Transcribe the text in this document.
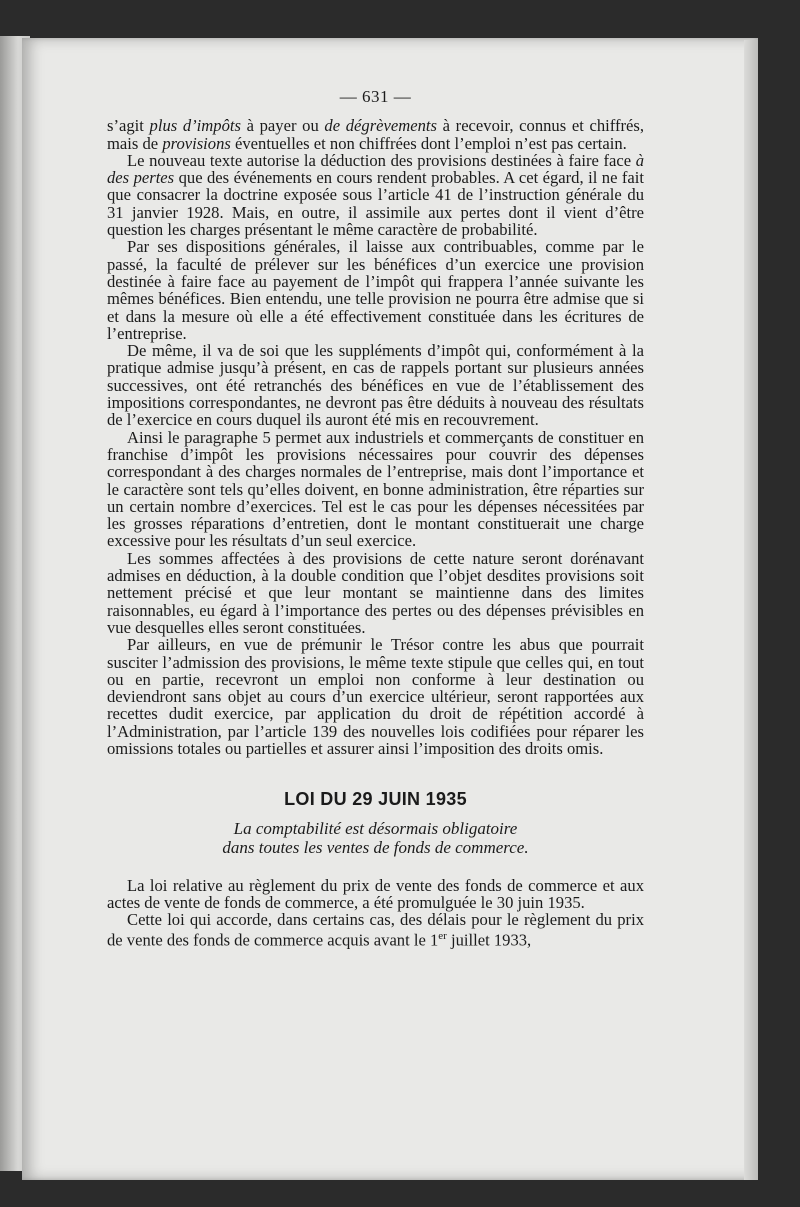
— 631 —

s’agit plus d’impôts à payer ou de dégrèvements à recevoir, connus et chiffrés, mais de provisions éventuelles et non chiffrées dont l’emploi n’est pas certain.

Le nouveau texte autorise la déduction des provisions destinées à faire face à des pertes que des événements en cours rendent probables. A cet égard, il ne fait que consacrer la doctrine exposée sous l’article 41 de l’instruction générale du 31 janvier 1928. Mais, en outre, il assimile aux pertes dont il vient d’être question les charges présentant le même caractère de probabilité.

Par ses dispositions générales, il laisse aux contribuables, comme par le passé, la faculté de prélever sur les bénéfices d’un exercice une provision destinée à faire face au payement de l’impôt qui frappera l’année suivante les mêmes bénéfices. Bien entendu, une telle provision ne pourra être admise que si et dans la mesure où elle a été effectivement constituée dans les écritures de l’entreprise.

De même, il va de soi que les suppléments d’impôt qui, conformément à la pratique admise jusqu’à présent, en cas de rappels portant sur plusieurs années successives, ont été retranchés des bénéfices en vue de l’établissement des impositions correspondantes, ne devront pas être déduits à nouveau des résultats de l’exercice en cours duquel ils auront été mis en recouvrement.

Ainsi le paragraphe 5 permet aux industriels et commerçants de constituer en franchise d’impôt les provisions nécessaires pour couvrir des dépenses correspondant à des charges normales de l’entreprise, mais dont l’importance et le caractère sont tels qu’elles doivent, en bonne administration, être réparties sur un certain nombre d’exercices. Tel est le cas pour les dépenses nécessitées par les grosses réparations d’entretien, dont le montant constituerait une charge excessive pour les résultats d’un seul exercice.

Les sommes affectées à des provisions de cette nature seront dorénavant admises en déduction, à la double condition que l’objet desdites provisions soit nettement précisé et que leur montant se maintienne dans des limites raisonnables, eu égard à l’importance des pertes ou des dépenses prévisibles en vue desquelles elles seront constituées.

Par ailleurs, en vue de prémunir le Trésor contre les abus que pourrait susciter l’admission des provisions, le même texte stipule que celles qui, en tout ou en partie, recevront un emploi non conforme à leur destination ou deviendront sans objet au cours d’un exercice ultérieur, seront rapportées aux recettes dudit exercice, par application du droit de répétition accordé à l’Administration, par l’article 139 des nouvelles lois codifiées pour réparer les omissions totales ou partielles et assurer ainsi l’imposition des droits omis.

LOI DU 29 JUIN 1935
La comptabilité est désormais obligatoire
dans toutes les ventes de fonds de commerce.

La loi relative au règlement du prix de vente des fonds de commerce et aux actes de vente de fonds de commerce, a été promulguée le 30 juin 1935.

Cette loi qui accorde, dans certains cas, des délais pour le règlement du prix de vente des fonds de commerce acquis avant le 1er juillet 1933,
